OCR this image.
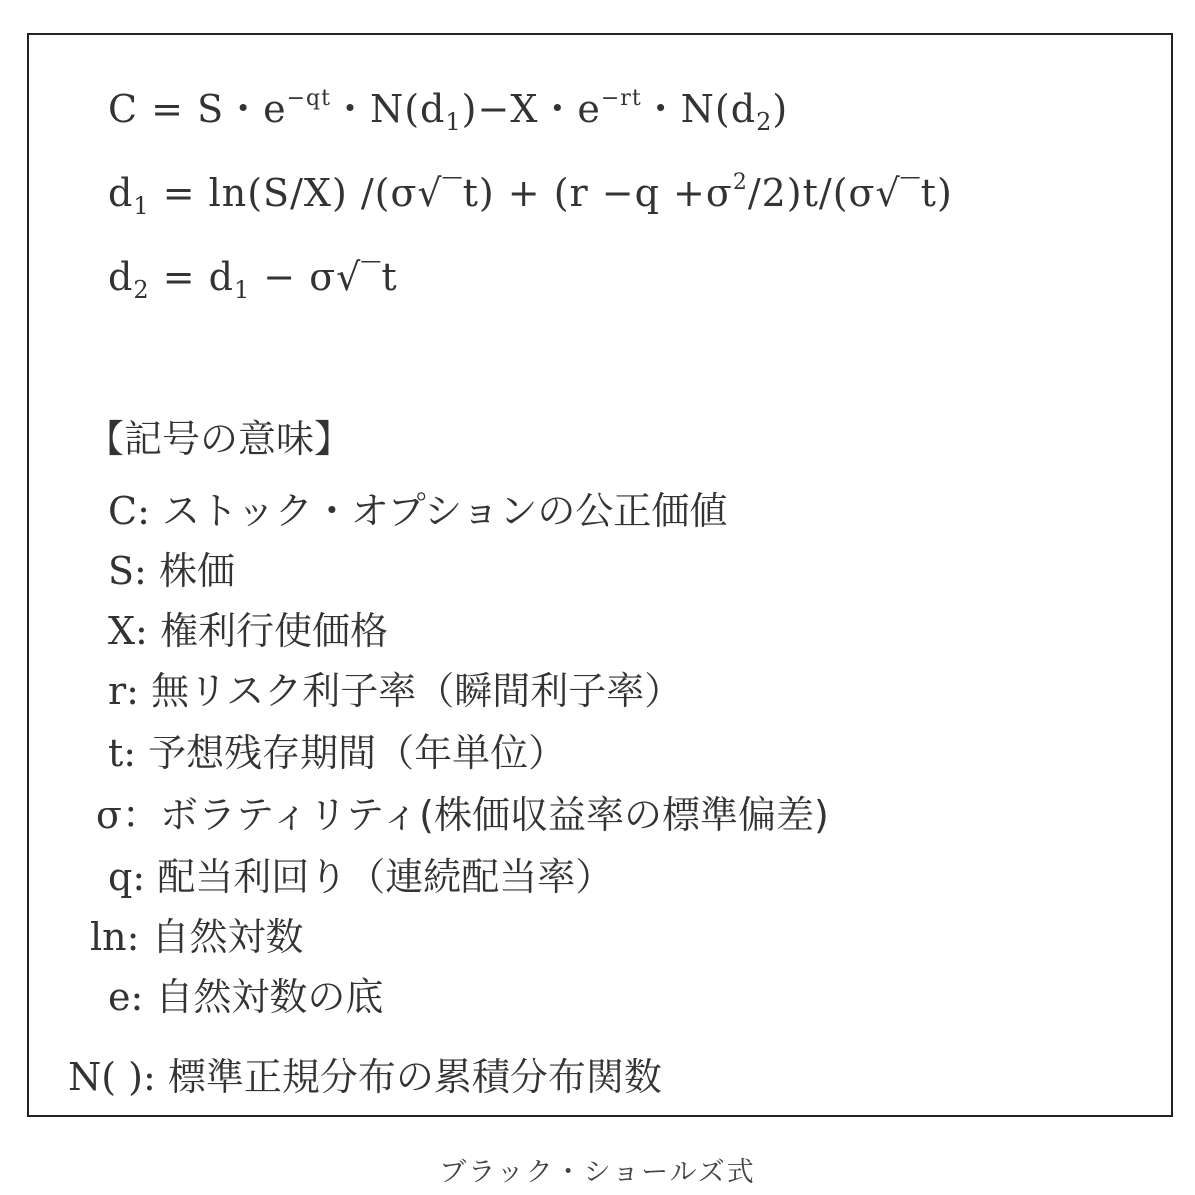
C = S・$e^{-qt}$・$N(d_1)-X$・$e^{-rt}$・$N(d_2)$
$d_1 = \ln(S/X)$ /(σ√‾t) + $(r -q +\sigma^2/2)t/(\sigma√‾t)$
$d_2 = d_1$ − σ√‾t
【記号の意味】
C: ストック・オプションの公正価値
S: 株価
X: 権利行使価格
r: 無リスク利子率（瞬間利子率）
t: 予想残存期間（年単位）
σ：ボラティリティ(株価収益率の標準偏差)
q: 配当利回り（連続配当率）
ln: 自然対数
e: 自然対数の底
N( ): 標準正規分布の累積分布関数
ブラック・ショールズ式
